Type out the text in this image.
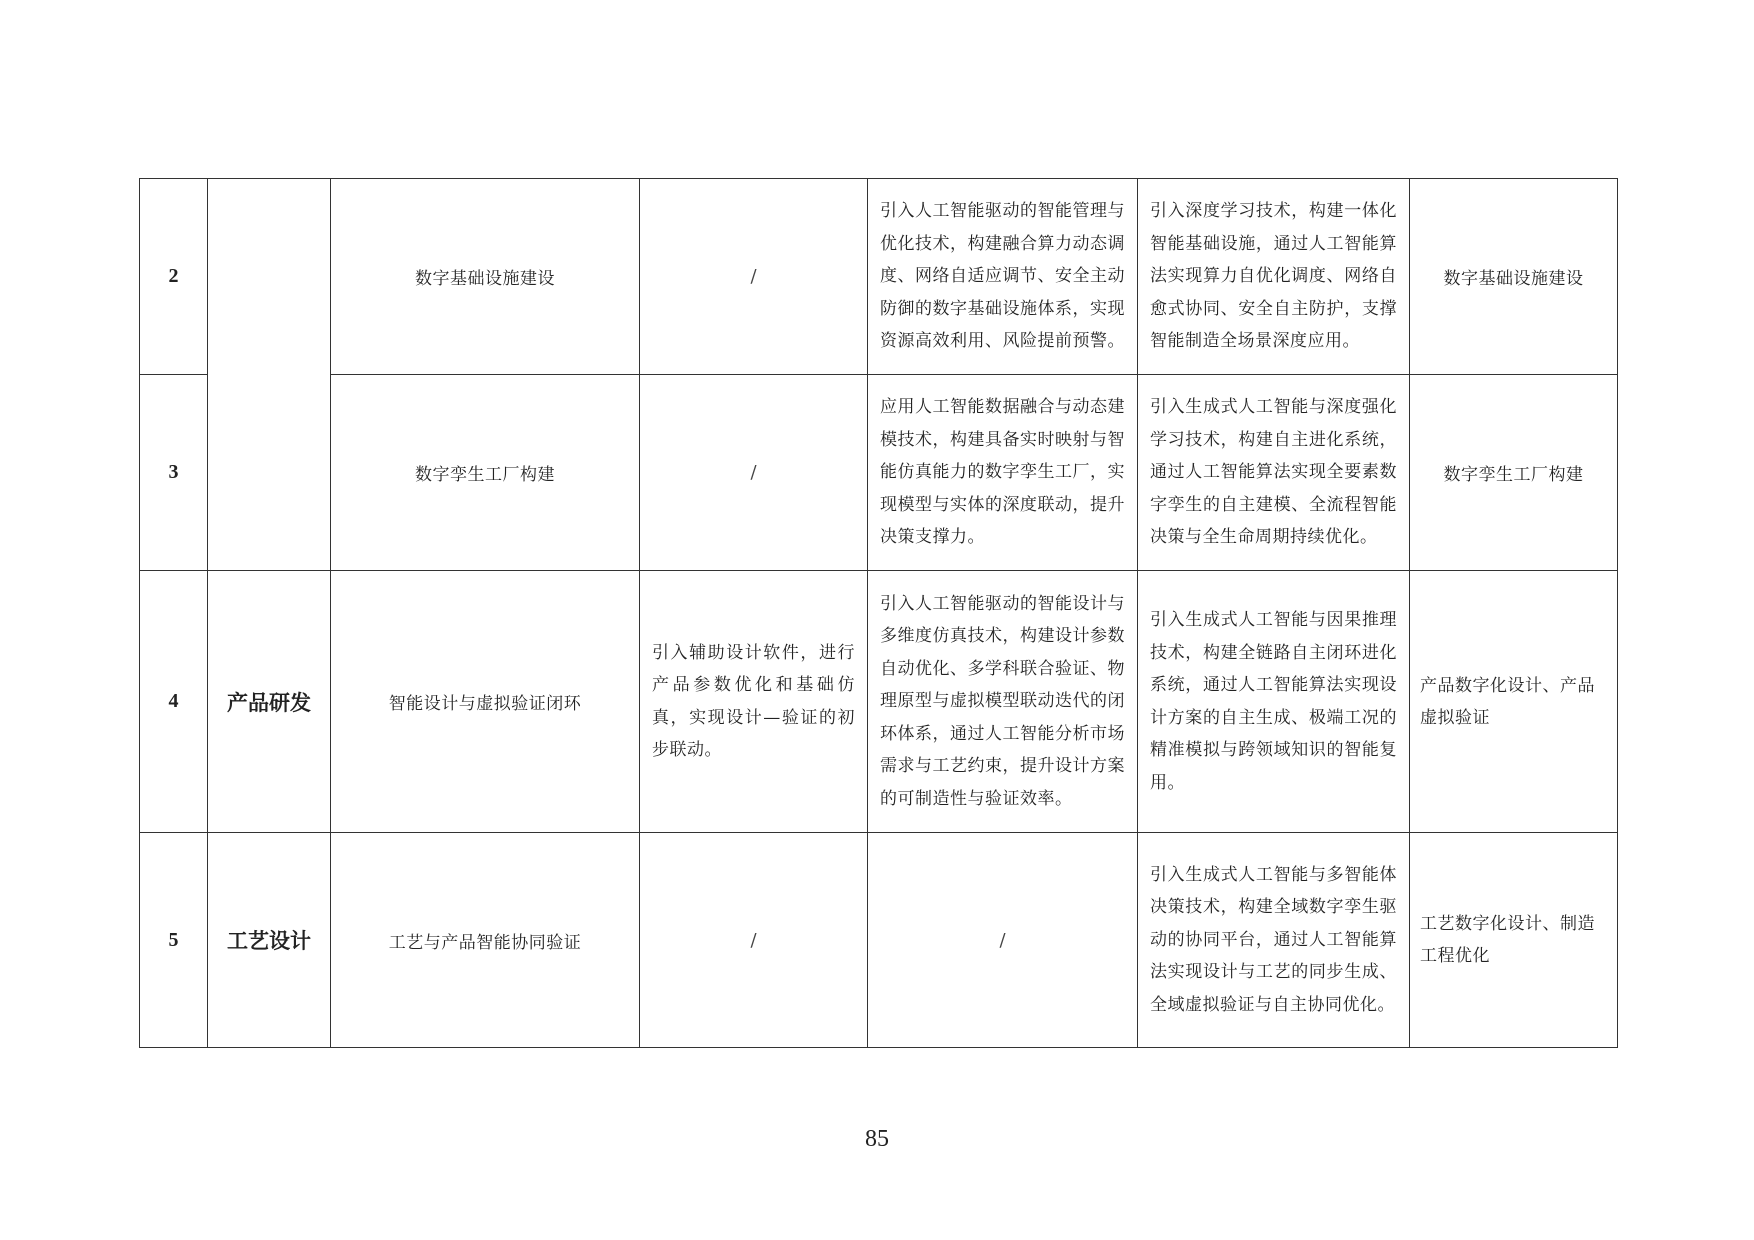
2		数字基础设施建设	/	引入人工智能驱动的智能管理与优化技术，构建融合算力动态调度、网络自适应调节、安全主动防御的数字基础设施体系，实现资源高效利用、风险提前预警。	引入深度学习技术，构建一体化智能基础设施，通过人工智能算法实现算力自优化调度、网络自愈式协同、安全自主防护，支撑智能制造全场景深度应用。	数字基础设施建设
3		数字孪生工厂构建	/	应用人工智能数据融合与动态建模技术，构建具备实时映射与智能仿真能力的数字孪生工厂，实现模型与实体的深度联动，提升决策支撑力。	引入生成式人工智能与深度强化学习技术，构建自主进化系统，通过人工智能算法实现全要素数字孪生的自主建模、全流程智能决策与全生命周期持续优化。	数字孪生工厂构建
4	产品研发	智能设计与虚拟验证闭环	引入辅助设计软件，进行产品参数优化和基础仿真，实现设计—验证的初步联动。	引入人工智能驱动的智能设计与多维度仿真技术，构建设计参数自动优化、多学科联合验证、物理原型与虚拟模型联动迭代的闭环体系，通过人工智能分析市场需求与工艺约束，提升设计方案的可制造性与验证效率。	引入生成式人工智能与因果推理技术，构建全链路自主闭环进化系统，通过人工智能算法实现设计方案的自主生成、极端工况的精准模拟与跨领域知识的智能复用。	产品数字化设计、产品虚拟验证
5	工艺设计	工艺与产品智能协同验证	/	/	引入生成式人工智能与多智能体决策技术，构建全域数字孪生驱动的协同平台，通过人工智能算法实现设计与工艺的同步生成、全域虚拟验证与自主协同优化。	工艺数字化设计、制造工程优化
85
